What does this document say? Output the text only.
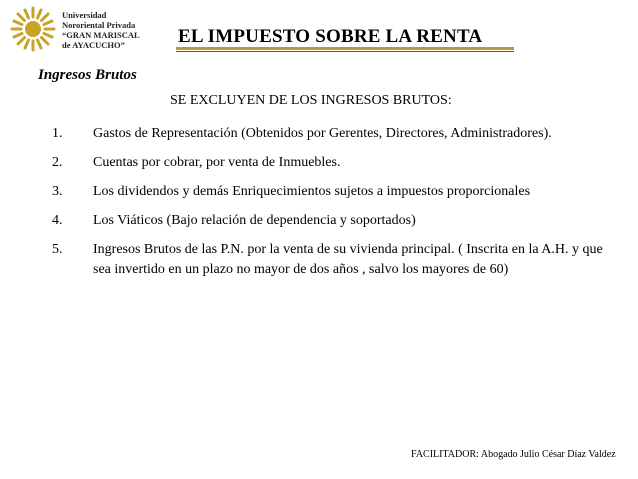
Universidad
Nororiental Privada
“GRAN MARISCAL
de AYACUCHO”	EL IMPUESTO SOBRE LA RENTA
Ingresos Brutos
SE EXCLUYEN DE LOS INGRESOS BRUTOS:
1.	Gastos de Representación (Obtenidos por Gerentes, Directores, Administradores).
2.	Cuentas por cobrar, por venta de Inmuebles.
3.	Los dividendos y demás Enriquecimientos sujetos a impuestos proporcionales
4.	Los Viáticos (Bajo relación de dependencia y soportados)
5.	Ingresos Brutos de las P.N. por la venta de su vivienda principal. ( Inscrita en la A.H. y que sea invertido en un plazo no mayor de dos años , salvo los mayores de 60)
FACILITADOR: Abogado Julio César Díaz Valdez
